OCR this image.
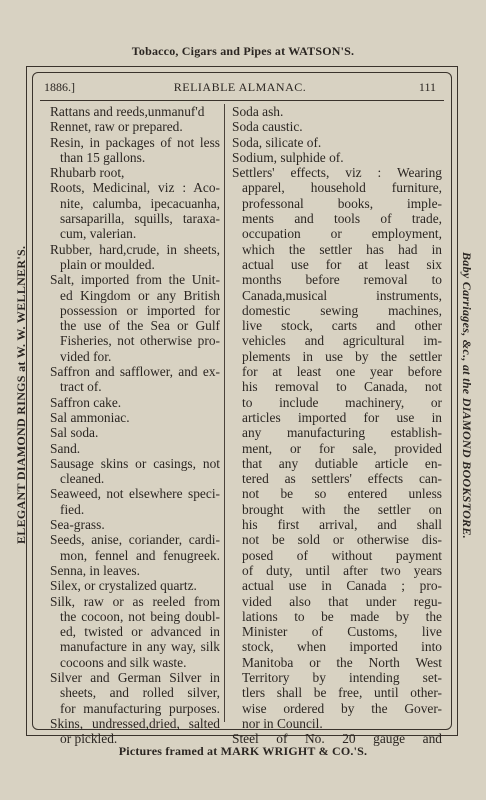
Tobacco, Cigars and Pipes at WATSON'S.
ELEGANT DIAMOND RINGS at W. W. WELLNER'S.	Baby Carriages, &c., at the DIAMOND BOOKSTORE.
1886.]	RELIABLE ALMANAC.	111
Rattans and reeds,unmanuf'd
Rennet, raw or prepared.
Resin, in packages of not less
than 15 gallons.
Rhubarb root,
Roots, Medicinal, viz : Aco-
nite, calumba, ipecacuanha,
sarsaparilla, squills, taraxa-
cum, valerian.
Rubber, hard,crude, in sheets,
plain or moulded.
Salt, imported from the Unit-
ed Kingdom or any British
possession or imported for
the use of the Sea or Gulf
Fisheries, not otherwise pro-
vided for.
Saffron and safflower, and ex-
tract of.
Saffron cake.
Sal ammoniac.
Sal soda.
Sand.
Sausage skins or casings, not
cleaned.
Seaweed, not elsewhere speci-
fied.
Sea-grass.
Seeds, anise, coriander, cardi-
mon, fennel and fenugreek.
Senna, in leaves.
Silex, or crystalized quartz.
Silk, raw or as reeled from
the cocoon, not being doubl-
ed, twisted or advanced in
manufacture in any way, silk
cocoons and silk waste.
Silver and German Silver in
sheets, and rolled silver,
for manufacturing purposes.
Skins, undressed,dried, salted
or pickled.
Soda ash.
Soda caustic.
Soda, silicate of.
Sodium, sulphide of.
Settlers' effects, viz : Wearing
apparel, household furniture,
professonal books, imple-
ments and tools of trade,
occupation or employment,
which the settler has had in
actual use for at least six
months before removal to
Canada,musical instruments,
domestic sewing machines,
live stock, carts and other
vehicles and agricultural im-
plements in use by the settler
for at least one year before
his removal to Canada, not
to include machinery, or
articles imported for use in
any manufacturing establish-
ment, or for sale, provided
that any dutiable article en-
tered as settlers' effects can-
not be so entered unless
brought with the settler on
his first arrival, and shall
not be sold or otherwise dis-
posed of without payment
of duty, until after two years
actual use in Canada ; pro-
vided also that under regu-
lations to be made by the
Minister of Customs, live
stock, when imported into
Manitoba or the North West
Territory by intending set-
tlers shall be free, until other-
wise ordered by the Gover-
nor in Council.
Steel of No. 20 gauge and
Pictures framed at MARK WRIGHT & CO.'S.
